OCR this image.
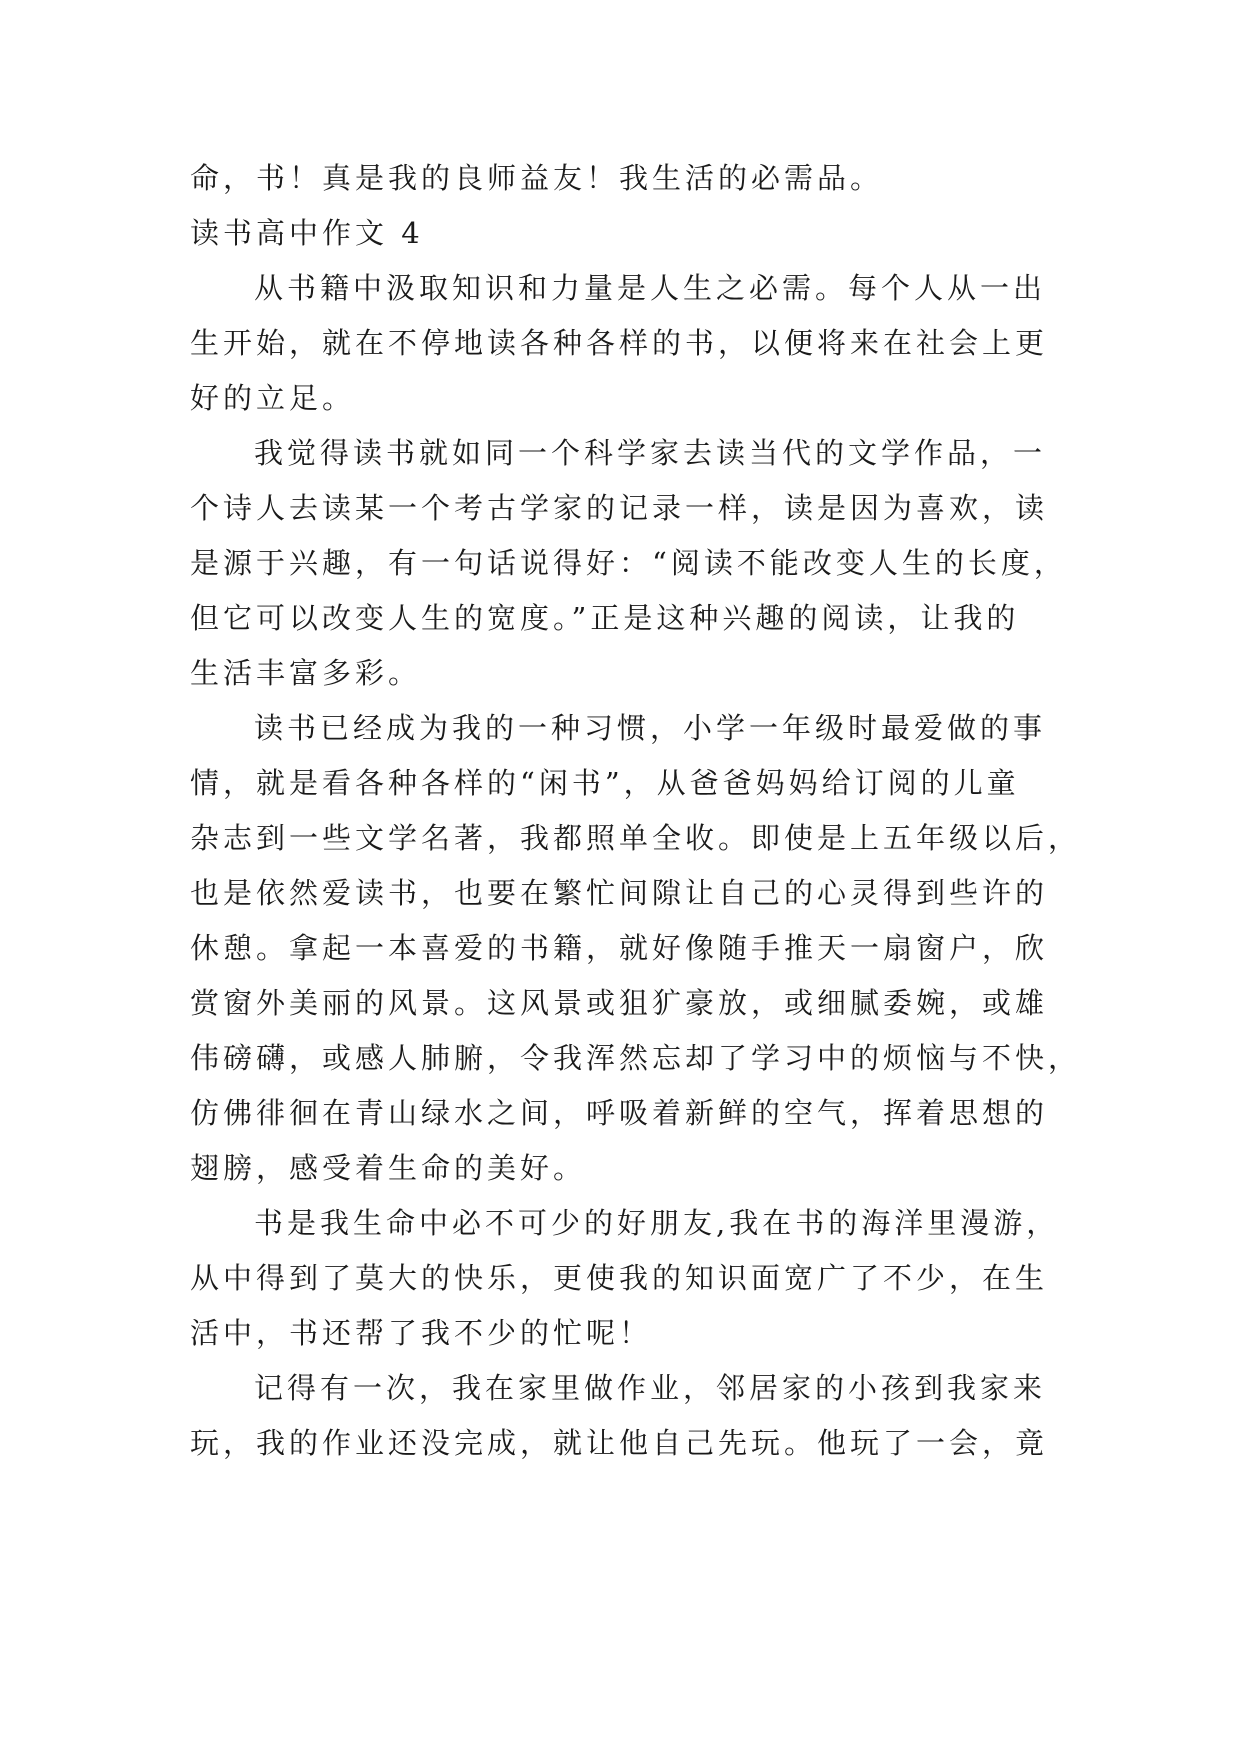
命，书！真是我的良师益友！我生活的必需品。
读书高中作文 4
从书籍中汲取知识和力量是人生之必需。每个人从一出
生开始，就在不停地读各种各样的书，以便将来在社会上更
好的立足。
我觉得读书就如同一个科学家去读当代的文学作品，一
个诗人去读某一个考古学家的记录一样，读是因为喜欢，读
是源于兴趣，有一句话说得好：“阅读不能改变人生的长度，
但它可以改变人生的宽度。”正是这种兴趣的阅读，让我的
生活丰富多彩。
读书已经成为我的一种习惯，小学一年级时最爱做的事
情，就是看各种各样的“闲书”，从爸爸妈妈给订阅的儿童
杂志到一些文学名著，我都照单全收。即使是上五年级以后，
也是依然爱读书，也要在繁忙间隙让自己的心灵得到些许的
休憩。拿起一本喜爱的书籍，就好像随手推天一扇窗户，欣
赏窗外美丽的风景。这风景或狙犷豪放，或细腻委婉，或雄
伟磅礴，或感人肺腑，令我浑然忘却了学习中的烦恼与不快，
仿佛徘徊在青山绿水之间，呼吸着新鲜的空气，挥着思想的
翅膀，感受着生命的美好。
书是我生命中必不可少的好朋友,我在书的海洋里漫游，
从中得到了莫大的快乐，更使我的知识面宽广了不少，在生
活中，书还帮了我不少的忙呢！
记得有一次，我在家里做作业，邻居家的小孩到我家来
玩，我的作业还没完成，就让他自己先玩。他玩了一会，竟
